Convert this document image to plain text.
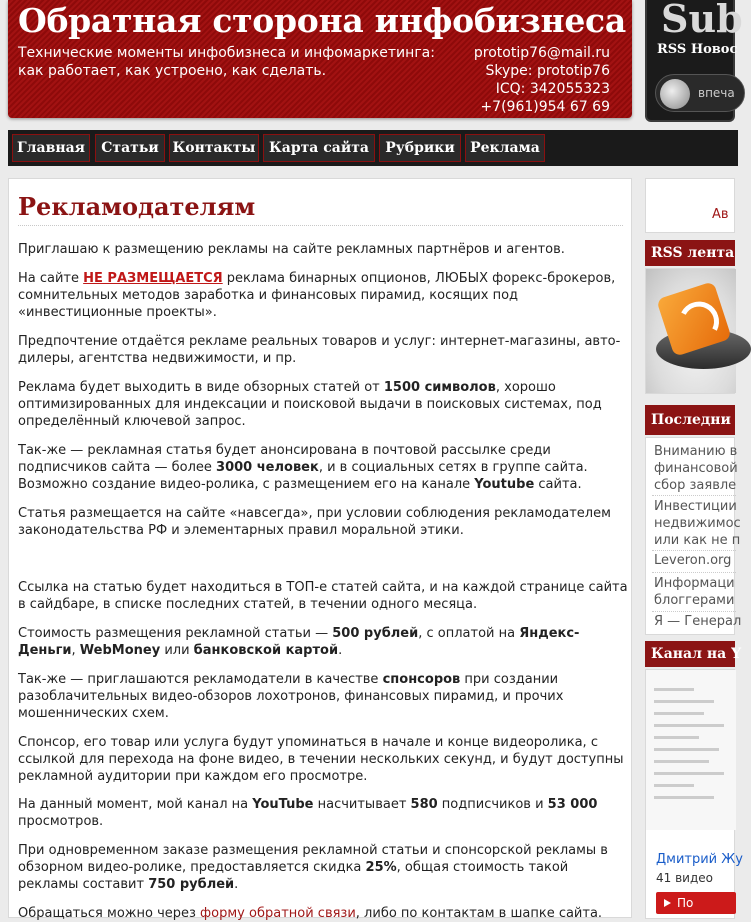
Обратная сторона инфобизнеса
Технические моменты инфобизнеса и инфомаркетинга:
как работает, как устроено, как сделать.
prototip76@mail.ru
Skype: prototip76
ICQ: 342055323
+7(961)954 67 69
Sub
RSS Новос
впеча
Главная	Статьи Контакты Карта сайта	Рубрики	Реклама
Рекламодателям

Приглашаю к размещению рекламы на сайте рекламных партнёров и агентов.

На сайте НЕ РАЗМЕЩАЕТСЯ реклама бинарных опционов, ЛЮБЫХ форекс-брокеров, сомнительных методов заработка и финансовых пирамид, косящих под «инвестиционные проекты».

Предпочтение отдаётся рекламе реальных товаров и услуг: интернет-магазины, авто-дилеры, агентства недвижимости, и пр.

Реклама будет выходить в виде обзорных статей от 1500 символов, хорошо оптимизированных для индексации и поисковой выдачи в поисковых системах, под определённый ключевой запрос.

Так-же — рекламная статья будет анонсирована в почтовой рассылке среди подписчиков сайта — более 3000 человек, и в социальных сетях в группе сайта. Возможно создание видео-ролика, с размещением его на канале Youtube сайта.

Статья размещается на сайте «навсегда», при условии соблюдения рекламодателем законодательства РФ и элементарных правил моральной этики.

Ссылка на статью будет находиться в ТОП-е статей сайта, и на каждой странице сайта в сайдбаре, в списке последних статей, в течении одного месяца.

Стоимость размещения рекламной статьи — 500 рублей, с оплатой на Яндекс-Деньги, WebMoney или банковской картой.

Так-же — приглашаются рекламодатели в качестве спонсоров при создании разоблачительных видео-обзоров лохотронов, финансовых пирамид, и прочих мошеннических схем.

Спонсор, его товар или услуга будут упоминаться в начале и конце видеоролика, с ссылкой для перехода на фоне видео, в течении нескольких секунд, и будут доступны рекламной аудитории при каждом его просмотре.

На данный момент, мой канал на YouTube насчитывает 580 подписчиков и 53 000 просмотров.

При одновременном заказе размещения рекламной статьи и спонсорской рекламы в обзорном видео-ролике, предоставляется скидка 25%, общая стоимость такой рекламы составит 750 рублей.

Обращаться можно через форму обратной связи, либо по контактам в шапке сайта.

Ав
RSS лента
Последни
Вниманию в
финансовой
сбор заявле
Инвестиции
недвижимос
или как не п
Leveron.org
Информаци
блоггерами
Я — Генерал
Канал на Y
Дмитрий Жу
41 видео
По
